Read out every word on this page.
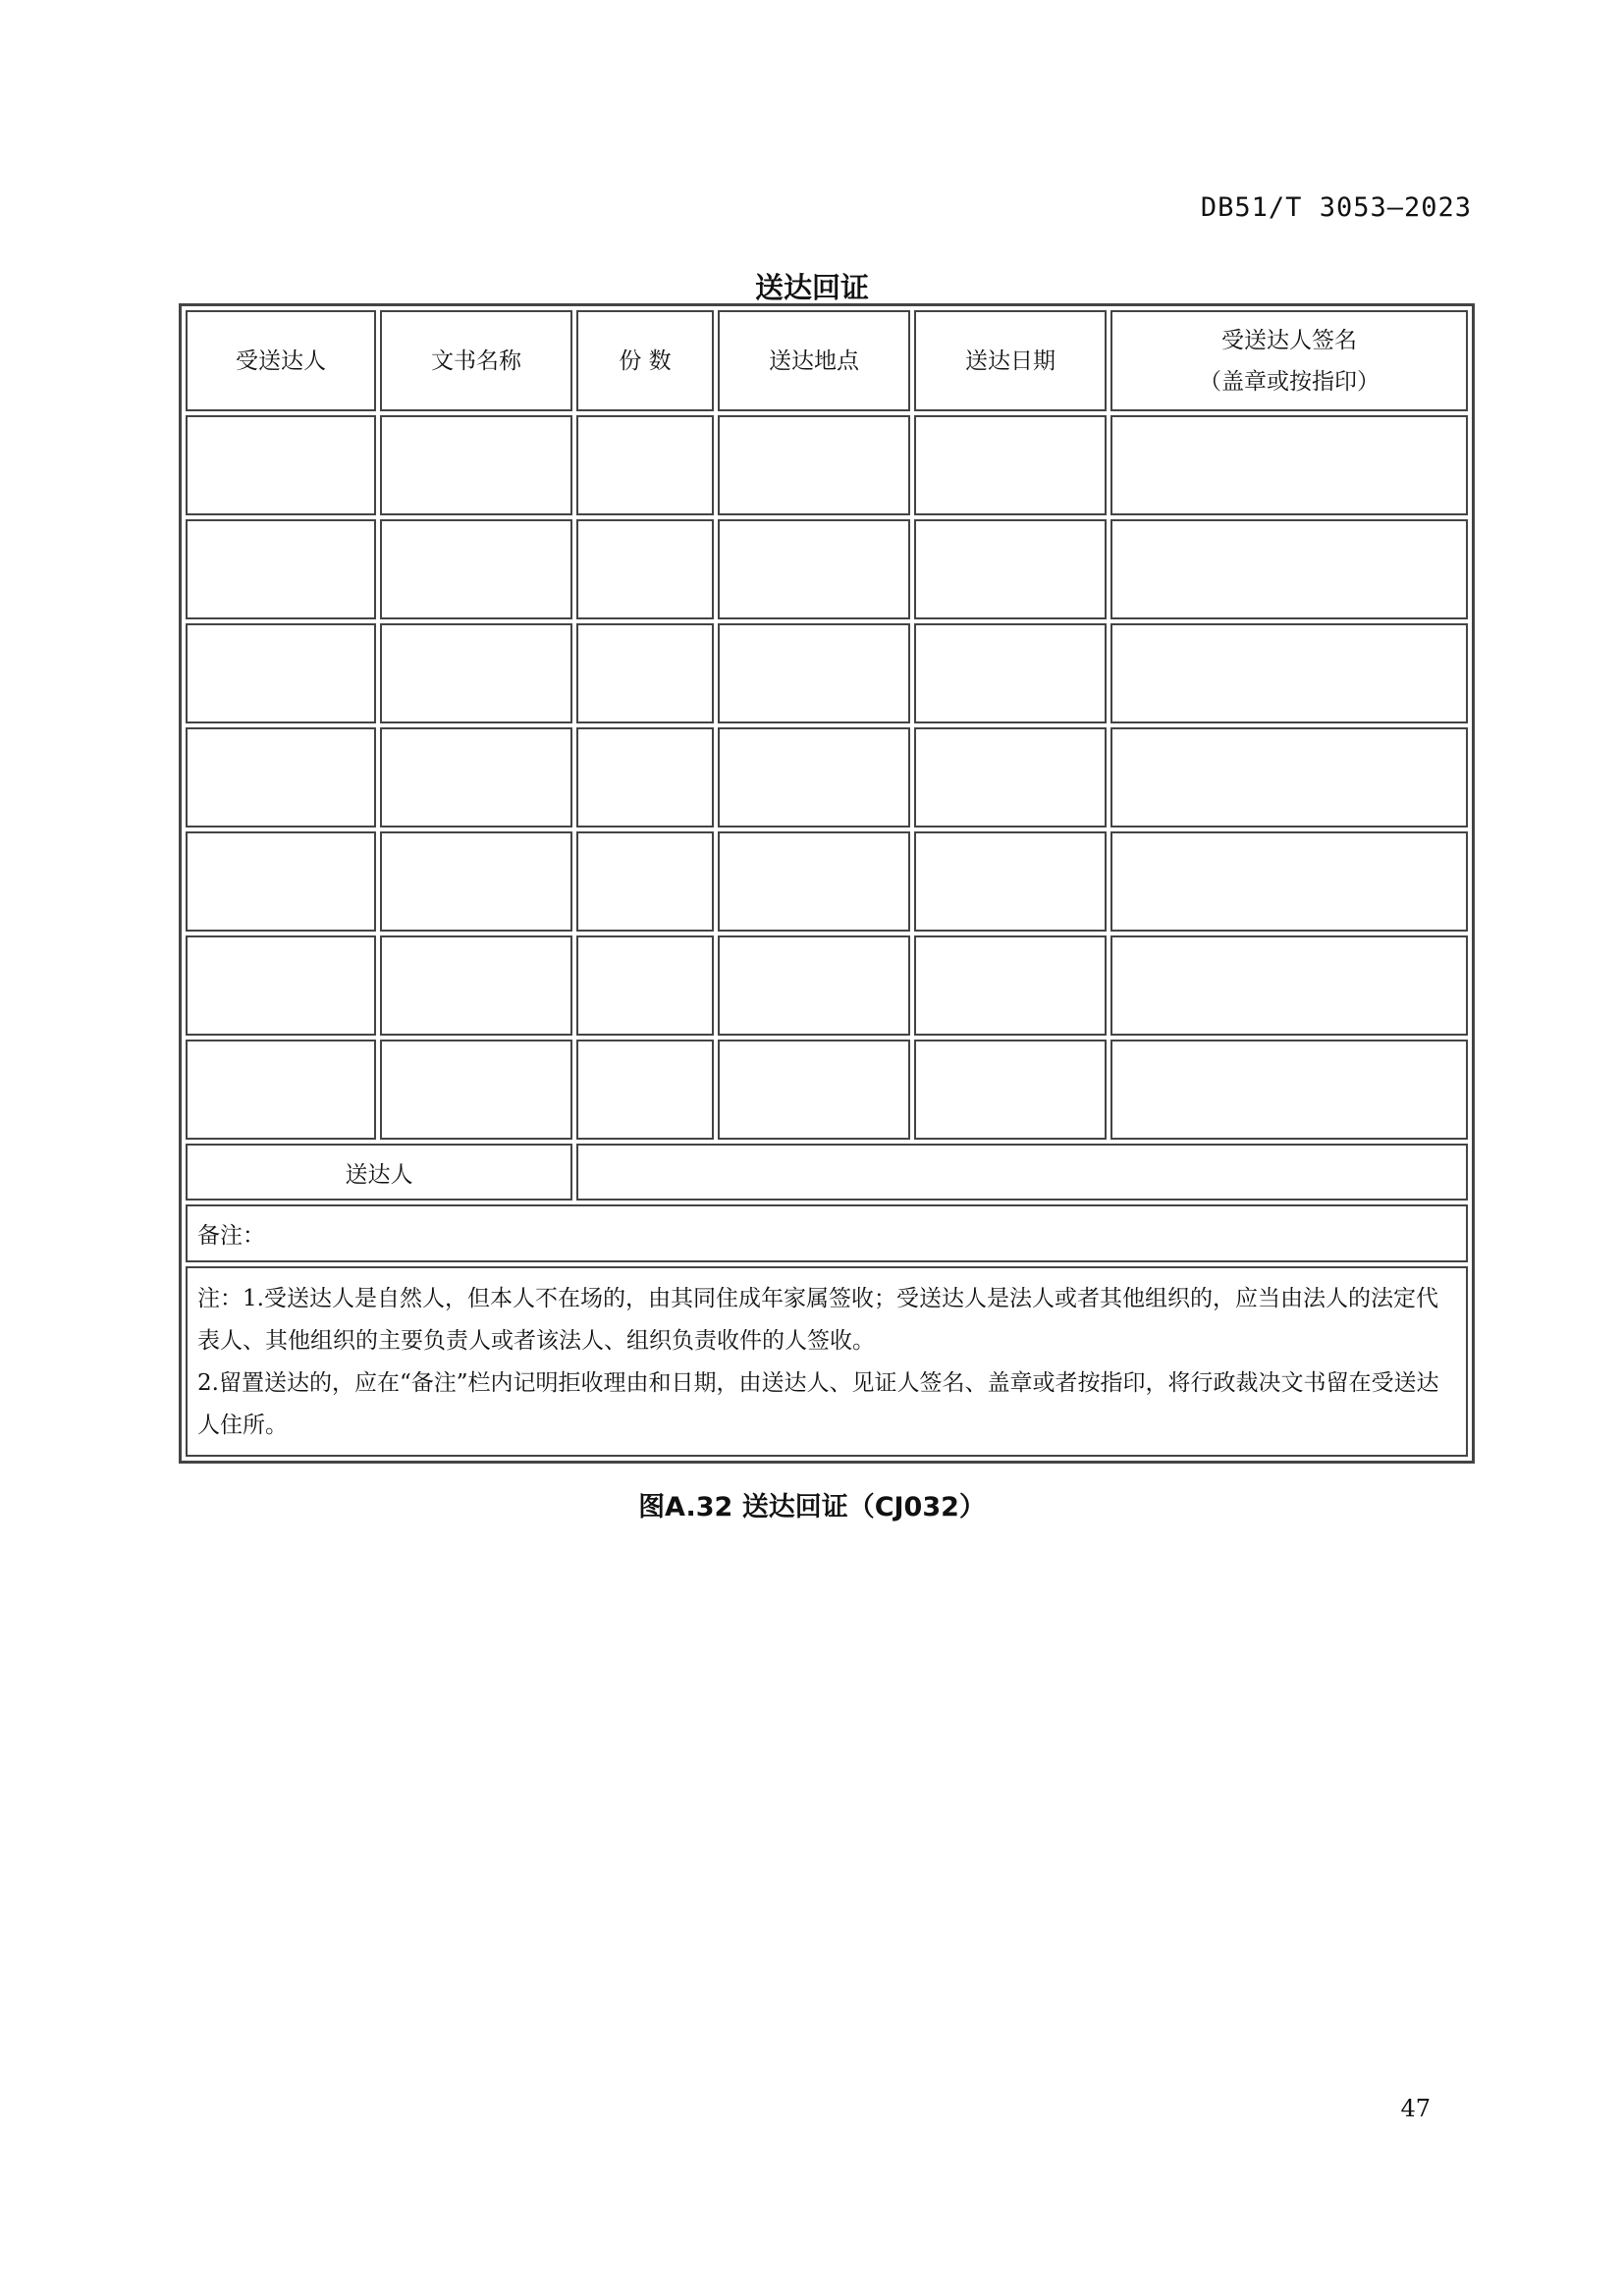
DB51/T 3053—2023
送达回证
受送达人	文书名称	份 数	送达地点	送达日期	受送达人签名
（盖章或按指印）

送达人					
备注：					

注：1.受送达人是自然人，但本人不在场的，由其同住成年家属签收；受送达人是法人或者其他组织的，应当由法人的法定代表人、其他组织的主要负责人或者该法人、组织负责收件的人签收。
2.留置送达的，应在“备注”栏内记明拒收理由和日期，由送达人、见证人签名、盖章或者按指印，将行政裁决文书留在受送达人住所。					
图A.32 送达回证（CJ032）
47
